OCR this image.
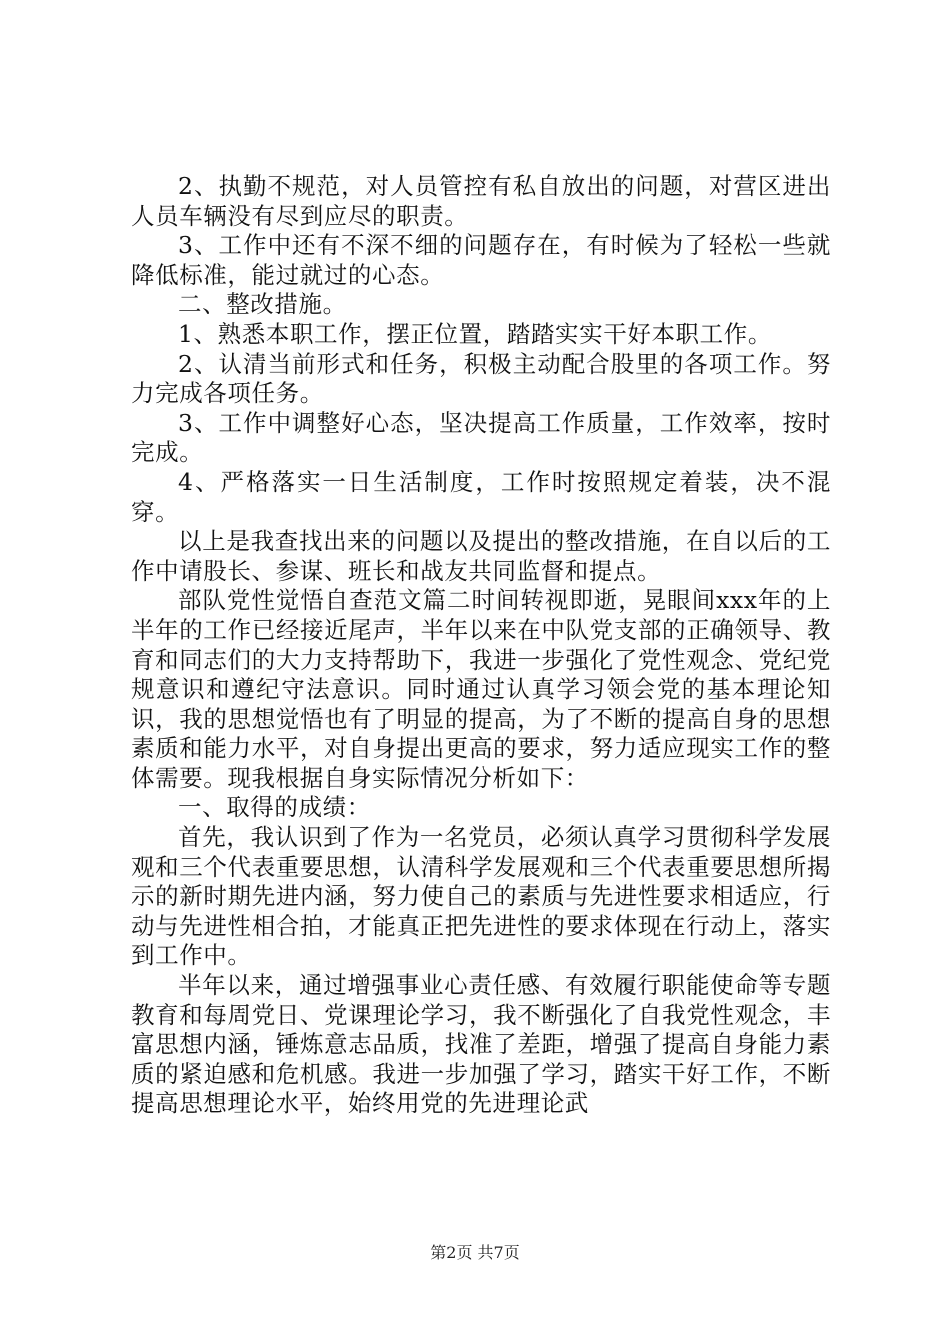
2、执勤不规范，对人员管控有私自放出的问题，对营区进出人员车辆没有尽到应尽的职责。

3、工作中还有不深不细的问题存在，有时候为了轻松一些就降低标准，能过就过的心态。

二、整改措施。

1、熟悉本职工作，摆正位置，踏踏实实干好本职工作。

2、认清当前形式和任务，积极主动配合股里的各项工作。努力完成各项任务。

3、工作中调整好心态，坚决提高工作质量，工作效率，按时完成。

4、严格落实一日生活制度，工作时按照规定着装，决不混穿。

以上是我查找出来的问题以及提出的整改措施，在自以后的工作中请股长、参谋、班长和战友共同监督和提点。

部队党性觉悟自查范文篇二时间转视即逝，晃眼间xxx年的上半年的工作已经接近尾声，半年以来在中队党支部的正确领导、教育和同志们的大力支持帮助下，我进一步强化了党性观念、党纪党规意识和遵纪守法意识。同时通过认真学习领会党的基本理论知识，我的思想觉悟也有了明显的提高，为了不断的提高自身的思想素质和能力水平，对自身提出更高的要求，努力适应现实工作的整体需要。现我根据自身实际情况分析如下：

一、取得的成绩：

首先，我认识到了作为一名党员，必须认真学习贯彻科学发展观和三个代表重要思想，认清科学发展观和三个代表重要思想所揭示的新时期先进内涵，努力使自己的素质与先进性要求相适应，行动与先进性相合拍，才能真正把先进性的要求体现在行动上，落实到工作中。

半年以来，通过增强事业心责任感、有效履行职能使命等专题教育和每周党日、党课理论学习，我不断强化了自我党性观念，丰富思想内涵，锤炼意志品质，找准了差距，增强了提高自身能力素质的紧迫感和危机感。我进一步加强了学习，踏实干好工作，不断提高思想理论水平，始终用党的先进理论武

第2页 共7页
